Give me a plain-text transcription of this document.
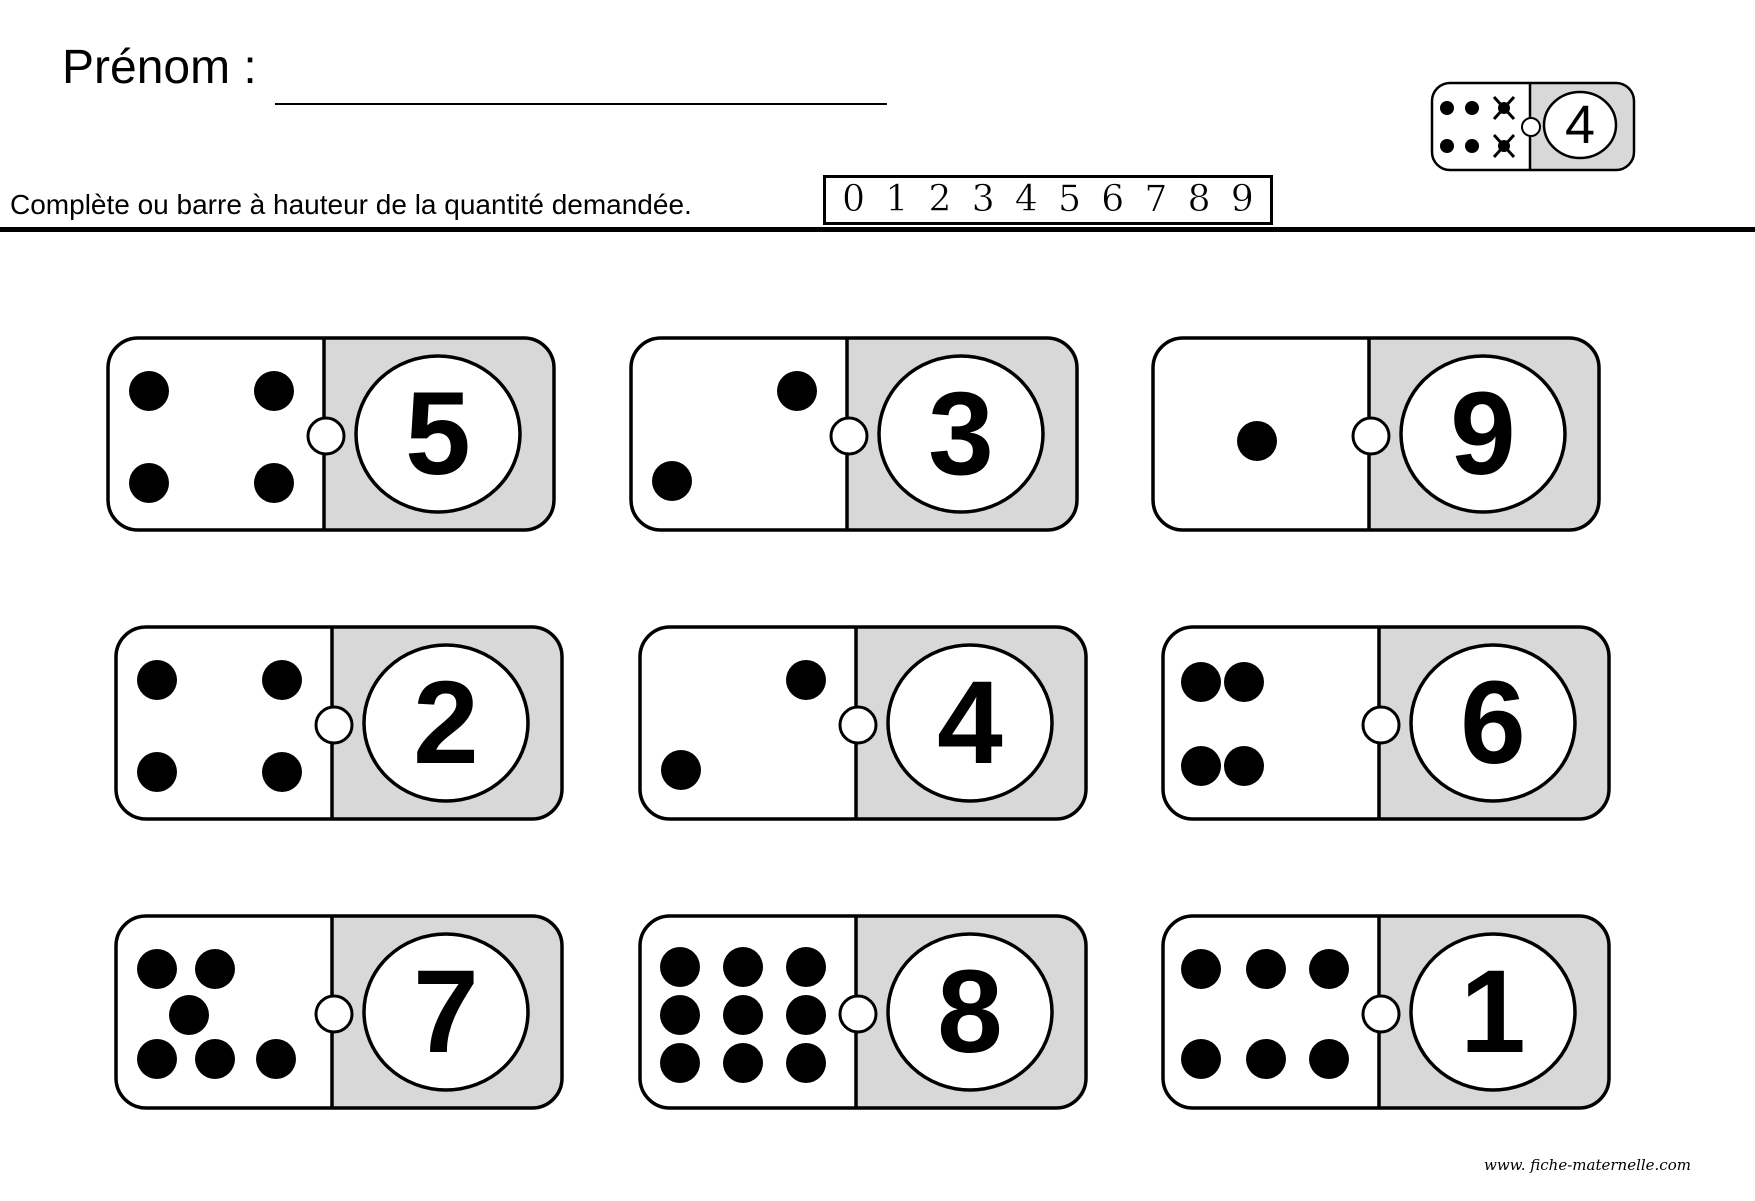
Prénom :
Complète ou barre à hauteur de la quantité demandée.	0 1 2 3 4 5 6 7 8 9
4
5	3	9
2	4	6
7	8	1
www. fiche-maternelle.com
